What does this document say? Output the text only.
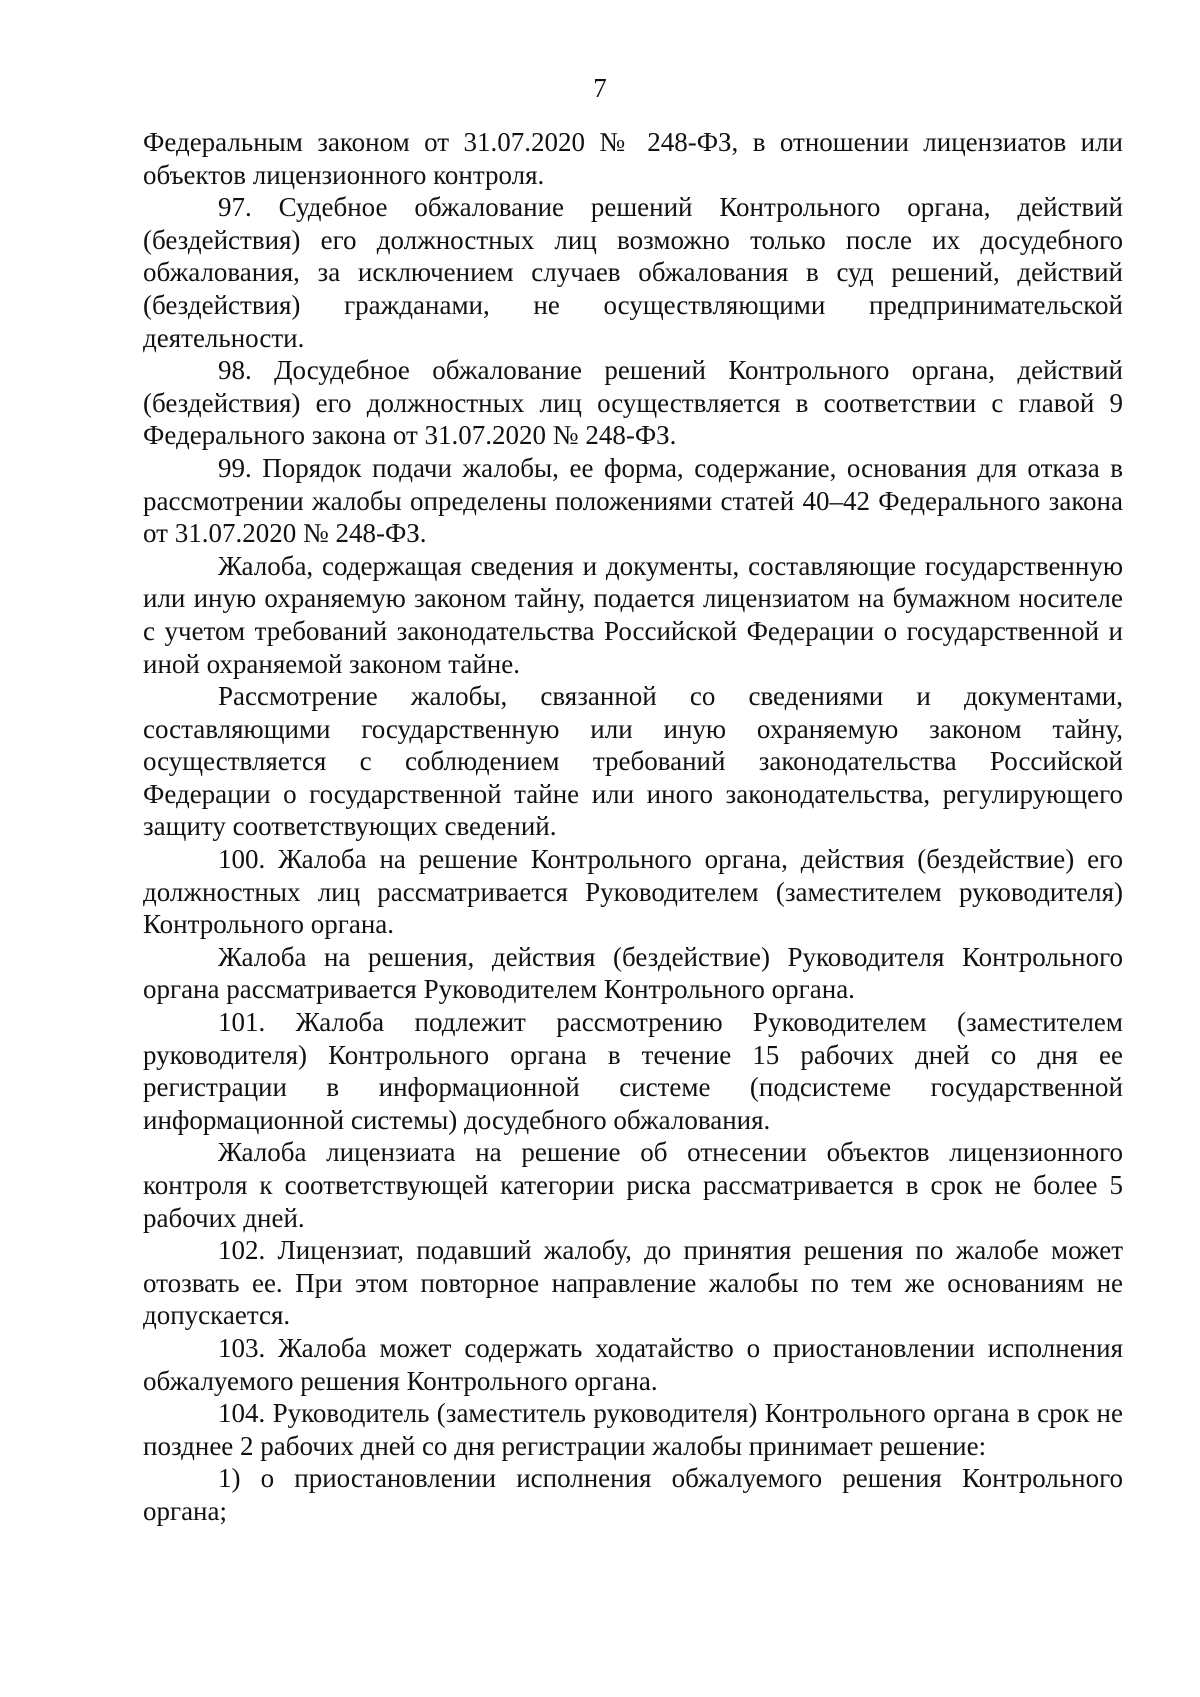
7

Федеральным законом от 31.07.2020 № 248-ФЗ, в отношении лицензиатов или объектов лицензионного контроля.

97. Судебное обжалование решений Контрольного органа, действий (бездействия) его должностных лиц возможно только после их досудебного обжалования, за исключением случаев обжалования в суд решений, действий (бездействия) гражданами, не осуществляющими предпринимательской деятельности.

98. Досудебное обжалование решений Контрольного органа, действий (бездействия) его должностных лиц осуществляется в соответствии с главой 9 Федерального закона от 31.07.2020 № 248-ФЗ.

99. Порядок подачи жалобы, ее форма, содержание, основания для отказа в рассмотрении жалобы определены положениями статей 40–42 Федерального закона от 31.07.2020 № 248-ФЗ.

Жалоба, содержащая сведения и документы, составляющие государственную или иную охраняемую законом тайну, подается лицензиатом на бумажном носителе с учетом требований законодательства Российской Федерации о государственной и иной охраняемой законом тайне.

Рассмотрение жалобы, связанной со сведениями и документами, составляющими государственную или иную охраняемую законом тайну, осуществляется с соблюдением требований законодательства Российской Федерации о государственной тайне или иного законодательства, регулирующего защиту соответствующих сведений.

100. Жалоба на решение Контрольного органа, действия (бездействие) его должностных лиц рассматривается Руководителем (заместителем руководителя) Контрольного органа.

Жалоба на решения, действия (бездействие) Руководителя Контрольного органа рассматривается Руководителем Контрольного органа.

101. Жалоба подлежит рассмотрению Руководителем (заместителем руководителя) Контрольного органа в течение 15 рабочих дней со дня ее регистрации в информационной системе (подсистеме государственной информационной системы) досудебного обжалования.

Жалоба лицензиата на решение об отнесении объектов лицензионного контроля к соответствующей категории риска рассматривается в срок не более 5 рабочих дней.

102. Лицензиат, подавший жалобу, до принятия решения по жалобе может отозвать ее. При этом повторное направление жалобы по тем же основаниям не допускается.

103. Жалоба может содержать ходатайство о приостановлении исполнения обжалуемого решения Контрольного органа.

104. Руководитель (заместитель руководителя) Контрольного органа в срок не позднее 2 рабочих дней со дня регистрации жалобы принимает решение:

1) о приостановлении исполнения обжалуемого решения Контрольного органа;
